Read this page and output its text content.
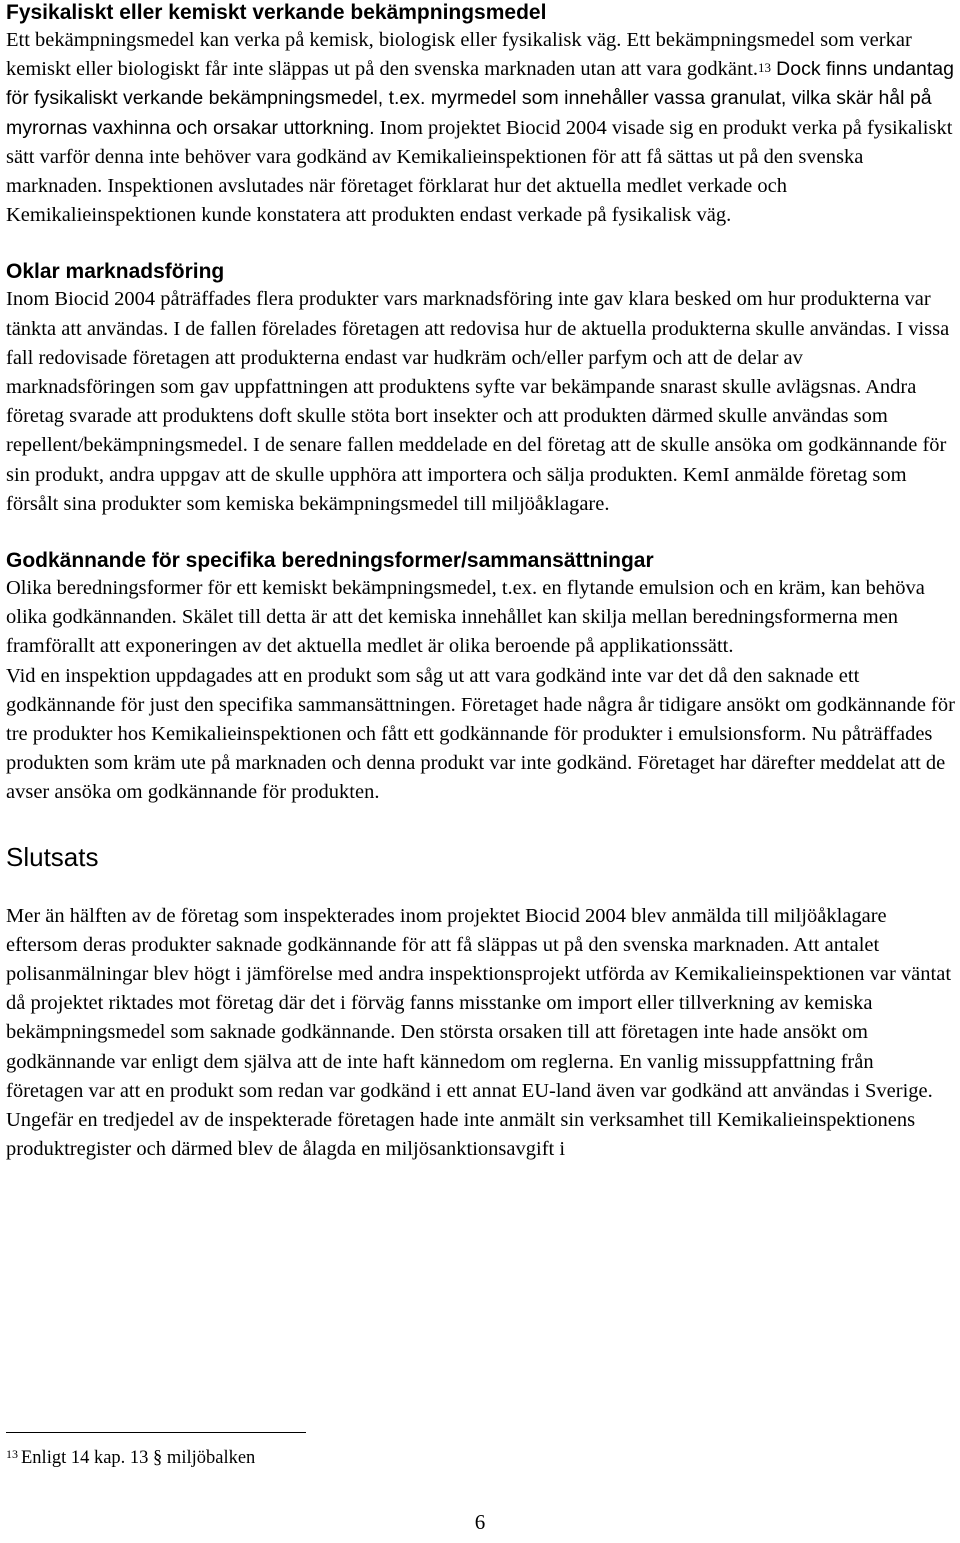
Fysikaliskt eller kemiskt verkande bekämpningsmedel

Ett bekämpningsmedel kan verka på kemisk, biologisk eller fysikalisk väg. Ett bekämpningsmedel som verkar kemiskt eller biologiskt får inte släppas ut på den svenska marknaden utan att vara godkänt.$^{13}$ Dock finns undantag för fysikaliskt verkande bekämpningsmedel, t.ex. myrmedel som innehåller vassa granulat, vilka skär hål på myrornas vaxhinna och orsakar uttorkning. Inom projektet Biocid 2004 visade sig en produkt verka på fysikaliskt sätt varför denna inte behöver vara godkänd av Kemikalieinspektionen för att få sättas ut på den svenska marknaden. Inspektionen avslutades när företaget förklarat hur det aktuella medlet verkade och Kemikalieinspektionen kunde konstatera att produkten endast verkade på fysikalisk väg.

Oklar marknadsföring

Inom Biocid 2004 påträffades flera produkter vars marknadsföring inte gav klara besked om hur produkterna var tänkta att användas. I de fallen förelades företagen att redovisa hur de aktuella produkterna skulle användas. I vissa fall redovisade företagen att produkterna endast var hudkräm och/eller parfym och att de delar av marknadsföringen som gav uppfattningen att produktens syfte var bekämpande snarast skulle avlägsnas. Andra företag svarade att produktens doft skulle stöta bort insekter och att produkten därmed skulle användas som repellent/bekämpningsmedel. I de senare fallen meddelade en del företag att de skulle ansöka om godkännande för sin produkt, andra uppgav att de skulle upphöra att importera och sälja produkten. KemI anmälde företag som försålt sina produkter som kemiska bekämpningsmedel till miljöåklagare.

Godkännande för specifika beredningsformer/sammansättningar

Olika beredningsformer för ett kemiskt bekämpningsmedel, t.ex. en flytande emulsion och en kräm, kan behöva olika godkännanden. Skälet till detta är att det kemiska innehållet kan skilja mellan beredningsformerna men framförallt att exponeringen av det aktuella medlet är olika beroende på applikationssätt.

Vid en inspektion uppdagades att en produkt som såg ut att vara godkänd inte var det då den saknade ett godkännande för just den specifika sammansättningen. Företaget hade några år tidigare ansökt om godkännande för tre produkter hos Kemikalieinspektionen och fått ett godkännande för produkter i emulsionsform. Nu påträffades produkten som kräm ute på marknaden och denna produkt var inte godkänd. Företaget har därefter meddelat att de avser ansöka om godkännande för produkten.

Slutsats

Mer än hälften av de företag som inspekterades inom projektet Biocid 2004 blev anmälda till miljöåklagare eftersom deras produkter saknade godkännande för att få släppas ut på den svenska marknaden. Att antalet polisanmälningar blev högt i jämförelse med andra inspektionsprojekt utförda av Kemikalieinspektionen var väntat då projektet riktades mot företag där det i förväg fanns misstanke om import eller tillverkning av kemiska bekämpningsmedel som saknade godkännande. Den största orsaken till att företagen inte hade ansökt om godkännande var enligt dem själva att de inte haft kännedom om reglerna. En vanlig missuppfattning från företagen var att en produkt som redan var godkänd i ett annat EU-land även var godkänd att användas i Sverige.

Ungefär en tredjedel av de inspekterade företagen hade inte anmält sin verksamhet till Kemikalieinspektionens produktregister och därmed blev de ålagda en miljösanktionsavgift i

$^{13}$ Enligt 14 kap. 13 § miljöbalken
6
